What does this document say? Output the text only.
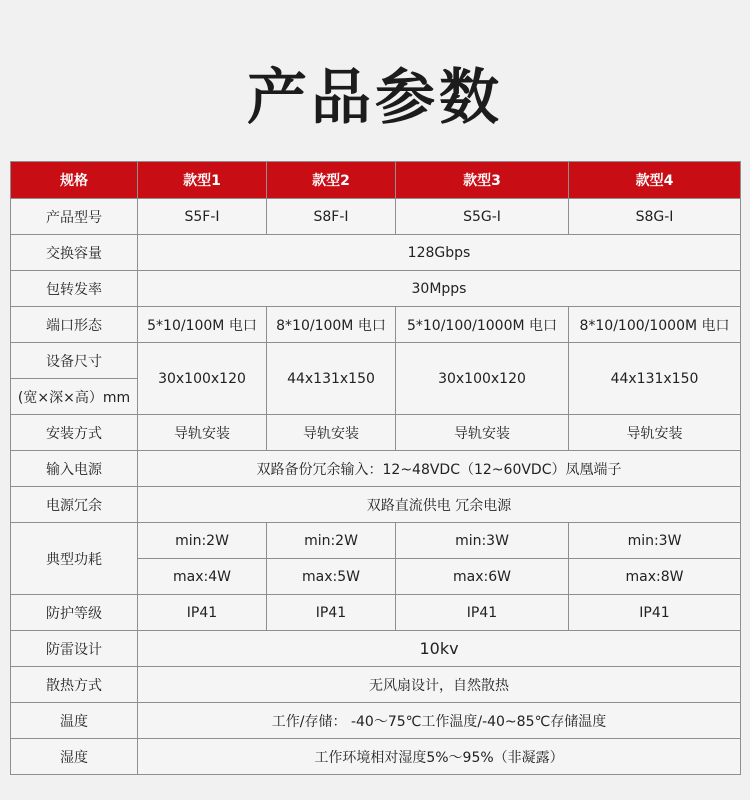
产品参数
规格	款型1	款型2	款型3	款型4
产品型号	S5F-I	S8F-I	S5G-I	S8G-I
交换容量	128Gbps			
包转发率	30Mpps			
端口形态	5*10/100M 电口	8*10/100M 电口	5*10/100/1000M 电口	8*10/100/1000M 电口
设备尺寸	30x100x120	44x131x150	30x100x120	44x131x150
(宽×深×高）mm				
安装方式	导轨安装	导轨安装	导轨安装	导轨安装
输入电源	双路备份冗余输入：12~48VDC（12~60VDC）凤凰端子			
电源冗余	双路直流供电 冗余电源			
典型功耗	min:2W	min:2W	min:3W	min:3W
	max:4W	max:5W	max:6W	max:8W
防护等级	IP41	IP41	IP41	IP41
防雷设计	10kv			
散热方式	无风扇设计，自然散热			
温度	工作/存储： -40～75℃工作温度/-40~85℃存储温度			
湿度	工作环境相对湿度5%～95%（非凝露）			
